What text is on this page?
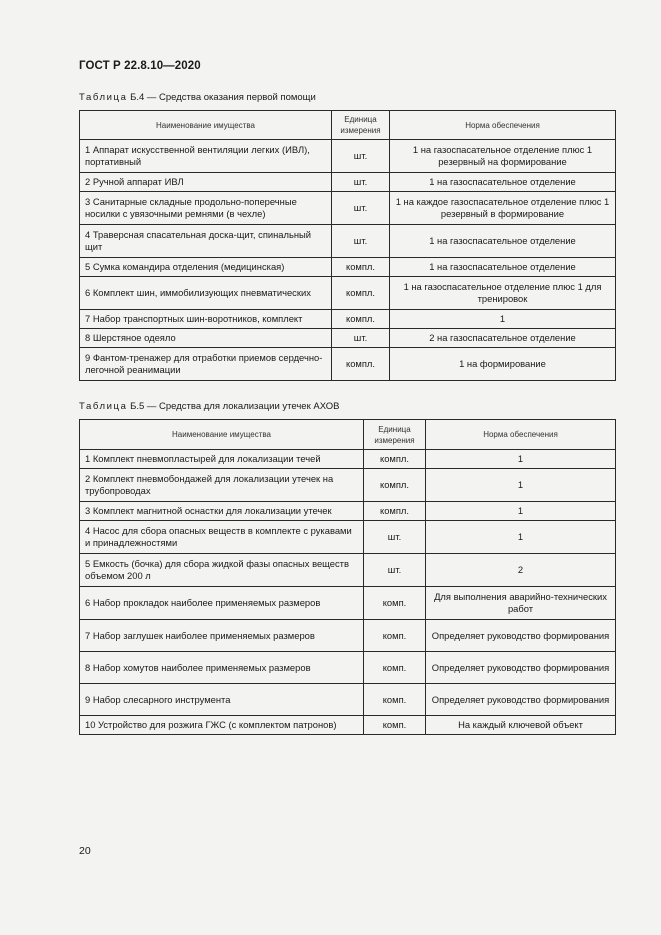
ГОСТ Р 22.8.10—2020
Таблица Б.4 — Средства оказания первой помощи
Наименование имущества	Единица измерения	Норма обеспечения
1 Аппарат искусственной вентиляции легких (ИВЛ), портативный	шт.	1 на газоспасательное отделение плюс 1 резервный на формирование
2 Ручной аппарат ИВЛ	шт.	1 на газоспасательное отделение
3 Санитарные складные продольно-поперечные носилки с увязочными ремнями (в чехле)	шт.	1 на каждое газоспасательное отделение плюс 1 резервный в формирование
4 Траверсная спасательная доска-щит, спинальный щит	шт.	1 на газоспасательное отделение
5 Сумка командира отделения (медицинская)	компл.	1 на газоспасательное отделение
6 Комплект шин, иммобилизующих пневматических	компл.	1 на газоспасательное отделение плюс 1 для тренировок
7 Набор транспортных шин-воротников, комплект	компл.	1
8 Шерстяное одеяло	шт.	2 на газоспасательное отделение
9 Фантом-тренажер для отработки приемов сердечно-легочной реанимации	компл.	1 на формирование
Таблица Б.5 — Средства для локализации утечек АХОВ
Наименование имущества	Единица измерения	Норма обеспечения
1 Комплект пневмопластырей для локализации течей	компл.	1
2 Комплект пневмобондажей для локализации утечек на трубопроводах	компл.	1
3 Комплект магнитной оснастки для локализации утечек	компл.	1
4 Насос для сбора опасных веществ в комплекте с рукавами и принадлежностями	шт.	1
5 Емкость (бочка) для сбора жидкой фазы опасных веществ объемом 200 л	шт.	2
6 Набор прокладок наиболее применяемых размеров	комп.	Для выполнения аварийно-технических работ
7 Набор заглушек наиболее применяемых размеров	комп.	Определяет руководство формирования
8 Набор хомутов наиболее применяемых размеров	комп.	Определяет руководство формирования
9 Набор слесарного инструмента	комп.	Определяет руководство формирования
10 Устройство для розжига ГЖС (с комплектом патронов)	комп.	На каждый ключевой объект
20
